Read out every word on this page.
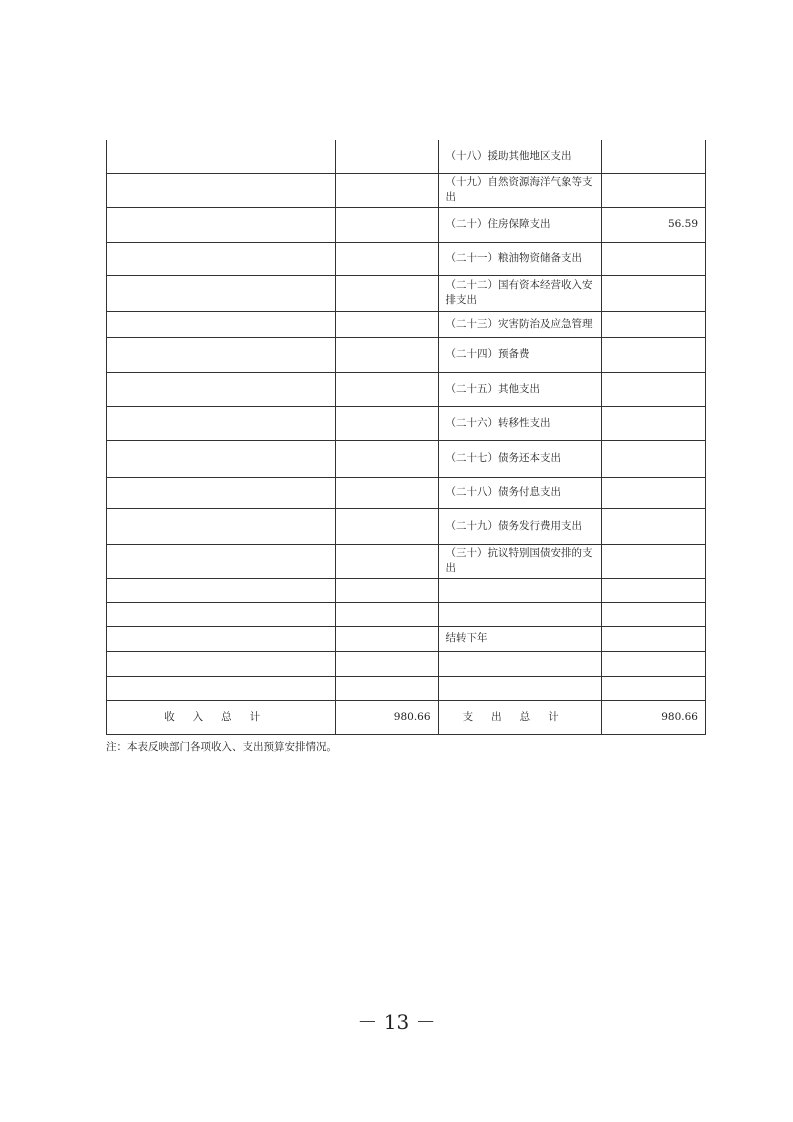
		（十八）援助其他地区支出	
		（十九）自然资源海洋气象等支出	
		（二十）住房保障支出	56.59
		（二十一）粮油物资储备支出	
		（二十二）国有资本经营收入安排支出	
		（二十三）灾害防治及应急管理	
		（二十四）预备费	
		（二十五）其他支出	
		（二十六）转移性支出	
		（二十七）债务还本支出	
		（二十八）债务付息支出	
		（二十九）债务发行费用支出	
		（三十）抗议特别国债安排的支出	

		结转下年	

收入总计	980.66	支出总计	980.66
注：本表反映部门各项收入、支出预算安排情况。
－ 13 －
